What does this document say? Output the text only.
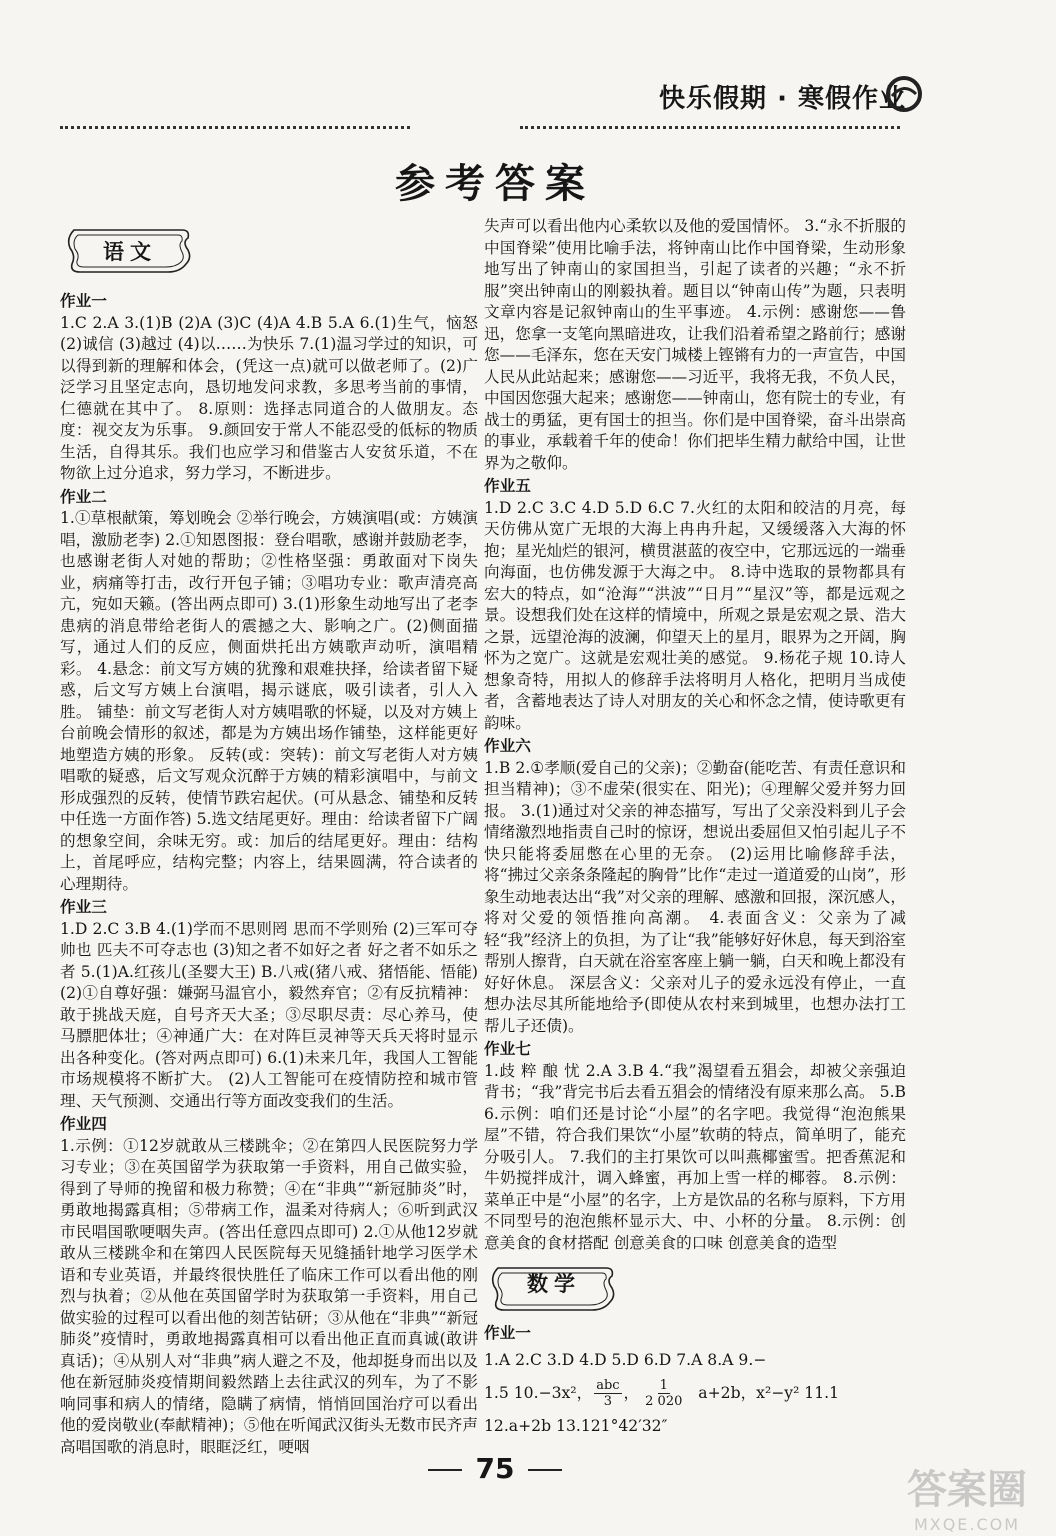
快乐假期 · 寒假作业
参考答案
语文

作业一

1.C 2.A 3.(1)B (2)A (3)C (4)A 4.B 5.A 6.(1)生气，恼怒 (2)诚信 (3)越过 (4)以……为快乐 7.(1)温习学过的知识，可以得到新的理解和体会，(凭这一点)就可以做老师了。(2)广泛学习且坚定志向，恳切地发问求教，多思考当前的事情，仁德就在其中了。 8.原则：选择志同道合的人做朋友。态度：视交友为乐事。 9.颜回安于常人不能忍受的低标的物质生活，自得其乐。我们也应学习和借鉴古人安贫乐道，不在物欲上过分追求，努力学习，不断进步。

作业二

1.①草根献策，筹划晚会 ②举行晚会，方姨演唱(或：方姨演唱，激励老李) 2.①知恩图报：登台唱歌，感谢并鼓励老李，也感谢老街人对她的帮助；②性格坚强：勇敢面对下岗失业，病痛等打击，改行开包子铺；③唱功专业：歌声清亮高亢，宛如天籁。(答出两点即可) 3.(1)形象生动地写出了老李患病的消息带给老街人的震撼之大、影响之广。(2)侧面描写，通过人们的反应，侧面烘托出方姨歌声动听，演唱精彩。 4.悬念：前文写方姨的犹豫和艰难抉择，给读者留下疑惑，后文写方姨上台演唱，揭示谜底，吸引读者，引人入胜。 铺垫：前文写老街人对方姨唱歌的怀疑，以及对方姨上台前晚会情形的叙述，都是为方姨出场作铺垫，这样能更好地塑造方姨的形象。 反转(或：突转)：前文写老街人对方姨唱歌的疑惑，后文写观众沉醉于方姨的精彩演唱中，与前文形成强烈的反转，使情节跌宕起伏。(可从悬念、铺垫和反转中任选一方面作答) 5.选文结尾更好。理由：给读者留下广阔的想象空间，余味无穷。或：加后的结尾更好。理由：结构上，首尾呼应，结构完整；内容上，结果圆满，符合读者的心理期待。

作业三

1.D 2.C 3.B 4.(1)学而不思则罔 思而不学则殆 (2)三军可夺帅也 匹夫不可夺志也 (3)知之者不如好之者 好之者不如乐之者 5.(1)A.红孩儿(圣婴大王) B.八戒(猪八戒、猪悟能、悟能) (2)①自尊好强：嫌弼马温官小，毅然弃官；②有反抗精神：敢于挑战天庭，自号齐天大圣；③尽职尽责：尽心养马，使马膘肥体壮；④神通广大：在对阵巨灵神等天兵天将时显示出各种变化。(答对两点即可) 6.(1)未来几年，我国人工智能市场规模将不断扩大。 (2)人工智能可在疫情防控和城市管理、天气预测、交通出行等方面改变我们的生活。

作业四

1.示例：①12岁就敢从三楼跳伞；②在第四人民医院努力学习专业；③在英国留学为获取第一手资料，用自己做实验，得到了导师的挽留和极力称赞；④在“非典”“新冠肺炎”时，勇敢地揭露真相；⑤带病工作，温柔对待病人；⑥听到武汉市民唱国歌哽咽失声。(答出任意四点即可) 2.①从他12岁就敢从三楼跳伞和在第四人民医院每天见缝插针地学习医学术语和专业英语，并最终很快胜任了临床工作可以看出他的刚烈与执着；②从他在英国留学时为获取第一手资料，用自己做实验的过程可以看出他的刻苦钻研；③从他在“非典”“新冠肺炎”疫情时，勇敢地揭露真相可以看出他正直而真诚(敢讲真话)；④从别人对“非典”病人避之不及，他却挺身而出以及他在新冠肺炎疫情期间毅然踏上去往武汉的列车，为了不影响同事和病人的情绪，隐瞒了病情，悄悄回国治疗可以看出他的爱岗敬业(奉献精神)；⑤他在听闻武汉街头无数市民齐声高唱国歌的消息时，眼眶泛红，哽咽

失声可以看出他内心柔软以及他的爱国情怀。 3.“永不折服的中国脊梁”使用比喻手法，将钟南山比作中国脊梁，生动形象地写出了钟南山的家国担当，引起了读者的兴趣；“永不折服”突出钟南山的刚毅执着。题目以“钟南山传”为题，只表明文章内容是记叙钟南山的生平事迹。 4.示例：感谢您——鲁迅，您拿一支笔向黑暗进攻，让我们沿着希望之路前行；感谢您——毛泽东，您在天安门城楼上铿锵有力的一声宣告，中国人民从此站起来；感谢您——习近平，我将无我，不负人民，中国因您强大起来；感谢您——钟南山，您有院士的专业，有战士的勇猛，更有国士的担当。你们是中国脊梁，奋斗出崇高的事业，承载着千年的使命！你们把毕生精力献给中国，让世界为之敬仰。

作业五

1.D 2.C 3.C 4.D 5.D 6.C 7.火红的太阳和皎洁的月亮，每天仿佛从宽广无垠的大海上冉冉升起，又缓缓落入大海的怀抱；星光灿烂的银河，横贯湛蓝的夜空中，它那远远的一端垂向海面，也仿佛发源于大海之中。 8.诗中选取的景物都具有宏大的特点，如“沧海”“洪波”“日月”“星汉”等，都是远观之景。设想我们处在这样的情境中，所观之景是宏观之景、浩大之景，远望沧海的波澜，仰望天上的星月，眼界为之开阔，胸怀为之宽广。这就是宏观壮美的感觉。 9.杨花子规 10.诗人想象奇特，用拟人的修辞手法将明月人格化，把明月当成使者，含蓄地表达了诗人对朋友的关心和怀念之情，使诗歌更有韵味。

作业六

1.B 2.①孝顺(爱自己的父亲)；②勤奋(能吃苦、有责任意识和担当精神)；③不虚荣(很实在、阳光)；④理解父爱并努力回报。 3.(1)通过对父亲的神态描写，写出了父亲没料到儿子会情绪激烈地指责自己时的惊讶，想说出委屈但又怕引起儿子不快只能将委屈憋在心里的无奈。 (2)运用比喻修辞手法，将“拂过父亲条条隆起的胸骨”比作“走过一道道爱的山岗”，形象生动地表达出“我”对父亲的理解、感激和回报，深沉感人，将对父爱的领悟推向高潮。 4.表面含义：父亲为了减轻“我”经济上的负担，为了让“我”能够好好休息，每天到浴室帮别人擦背，白天就在浴室客座上躺一躺，白天和晚上都没有好好休息。 深层含义：父亲对儿子的爱永远没有停止，一直想办法尽其所能地给予(即使从农村来到城里，也想办法打工帮儿子还债)。

作业七

1.歧 粹 酿 忧 2.A 3.B 4.“我”渴望看五猖会，却被父亲强迫背书；“我”背完书后去看五猖会的情绪没有原来那么高。 5.B 6.示例：咱们还是讨论“小屋”的名字吧。我觉得“泡泡熊果屋”不错，符合我们果饮“小屋”软萌的特点，简单明了，能充分吸引人。 7.我们的主打果饮可以叫燕椰蜜雪。把香蕉泥和牛奶搅拌成汁，调入蜂蜜，再加上雪一样的椰蓉。 8.示例：菜单正中是“小屋”的名字，上方是饮品的名称与原料，下方用不同型号的泡泡熊杯显示大、中、小杯的分量。 8.示例：创意美食的食材搭配 创意美食的口味 创意美食的造型

数学

作业一

1.A 2.C 3.D 4.D 5.D 6.D 7.A 8.A 9.−

1.5 10.−3x²， abc
3 ， $\frac{1}{2 020} a+2b$，x²−y² 11.1

12.a+2b 13.121°42′32″

75	答案圈
MXQE.COM
